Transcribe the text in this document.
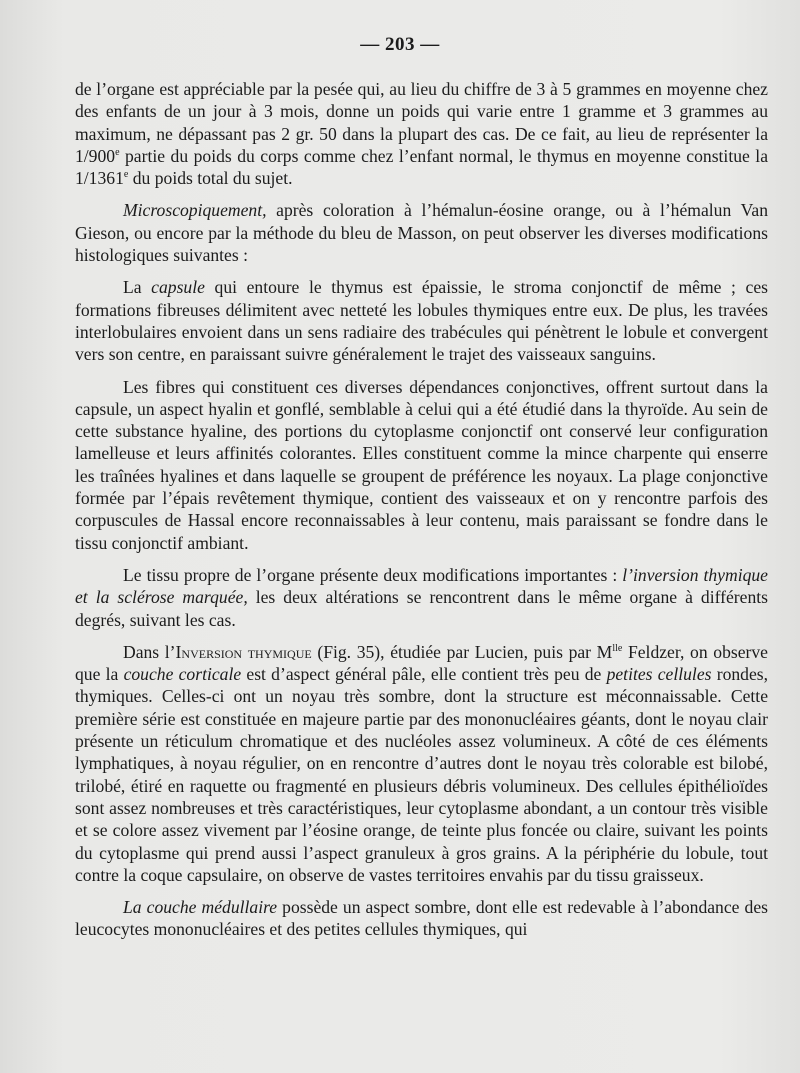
— 203 —

de l’organe est appréciable par la pesée qui, au lieu du chiffre de 3 à 5 grammes en moyenne chez des enfants de un jour à 3 mois, donne un poids qui varie entre 1 gramme et 3 grammes au maximum, ne dépassant pas 2 gr. 50 dans la plupart des cas. De ce fait, au lieu de représenter la 1/900e partie du poids du corps comme chez l’enfant normal, le thymus en moyenne constitue la 1/1361e du poids total du sujet.

Microscopiquement, après coloration à l’hémalun-éosine orange, ou à l’hémalun Van Gieson, ou encore par la méthode du bleu de Masson, on peut observer les diverses modifications histologiques suivantes :

La capsule qui entoure le thymus est épaissie, le stroma conjonctif de même ; ces formations fibreuses délimitent avec netteté les lobules thymiques entre eux. De plus, les travées interlobulaires envoient dans un sens radiaire des trabécules qui pénètrent le lobule et convergent vers son centre, en paraissant suivre généralement le trajet des vaisseaux sanguins.

Les fibres qui constituent ces diverses dépendances conjonctives, offrent surtout dans la capsule, un aspect hyalin et gonflé, semblable à celui qui a été étudié dans la thyroïde. Au sein de cette substance hyaline, des portions du cytoplasme conjonctif ont conservé leur configuration lamelleuse et leurs affinités colorantes. Elles constituent comme la mince charpente qui enserre les traînées hyalines et dans laquelle se groupent de préférence les noyaux. La plage conjonctive formée par l’épais revêtement thymique, contient des vaisseaux et on y rencontre parfois des corpuscules de Hassal encore reconnaissables à leur contenu, mais paraissant se fondre dans le tissu conjonctif ambiant.

Le tissu propre de l’organe présente deux modifications importantes : l’inversion thymique et la sclérose marquée, les deux altérations se rencontrent dans le même organe à différents degrés, suivant les cas.

Dans l’Inversion thymique (Fig. 35), étudiée par Lucien, puis par $M^{lle}$ Feldzer, on observe que la couche corticale est d’aspect général pâle, elle contient très peu de petites cellules rondes, thymiques. Celles-ci ont un noyau très sombre, dont la structure est méconnaissable. Cette première série est constituée en majeure partie par des mononucléaires géants, dont le noyau clair présente un réticulum chromatique et des nucléoles assez volumineux. A côté de ces éléments lymphatiques, à noyau régulier, on en rencontre d’autres dont le noyau très colorable est bilobé, trilobé, étiré en raquette ou fragmenté en plusieurs débris volumineux. Des cellules épithélioïdes sont assez nombreuses et très caractéristiques, leur cytoplasme abondant, a un contour très visible et se colore assez vivement par l’éosine orange, de teinte plus foncée ou claire, suivant les points du cytoplasme qui prend aussi l’aspect granuleux à gros grains. A la périphérie du lobule, tout contre la coque capsulaire, on observe de vastes territoires envahis par du tissu graisseux.

La couche médullaire possède un aspect sombre, dont elle est redevable à l’abondance des leucocytes mononucléaires et des petites cellules thymiques, qui
